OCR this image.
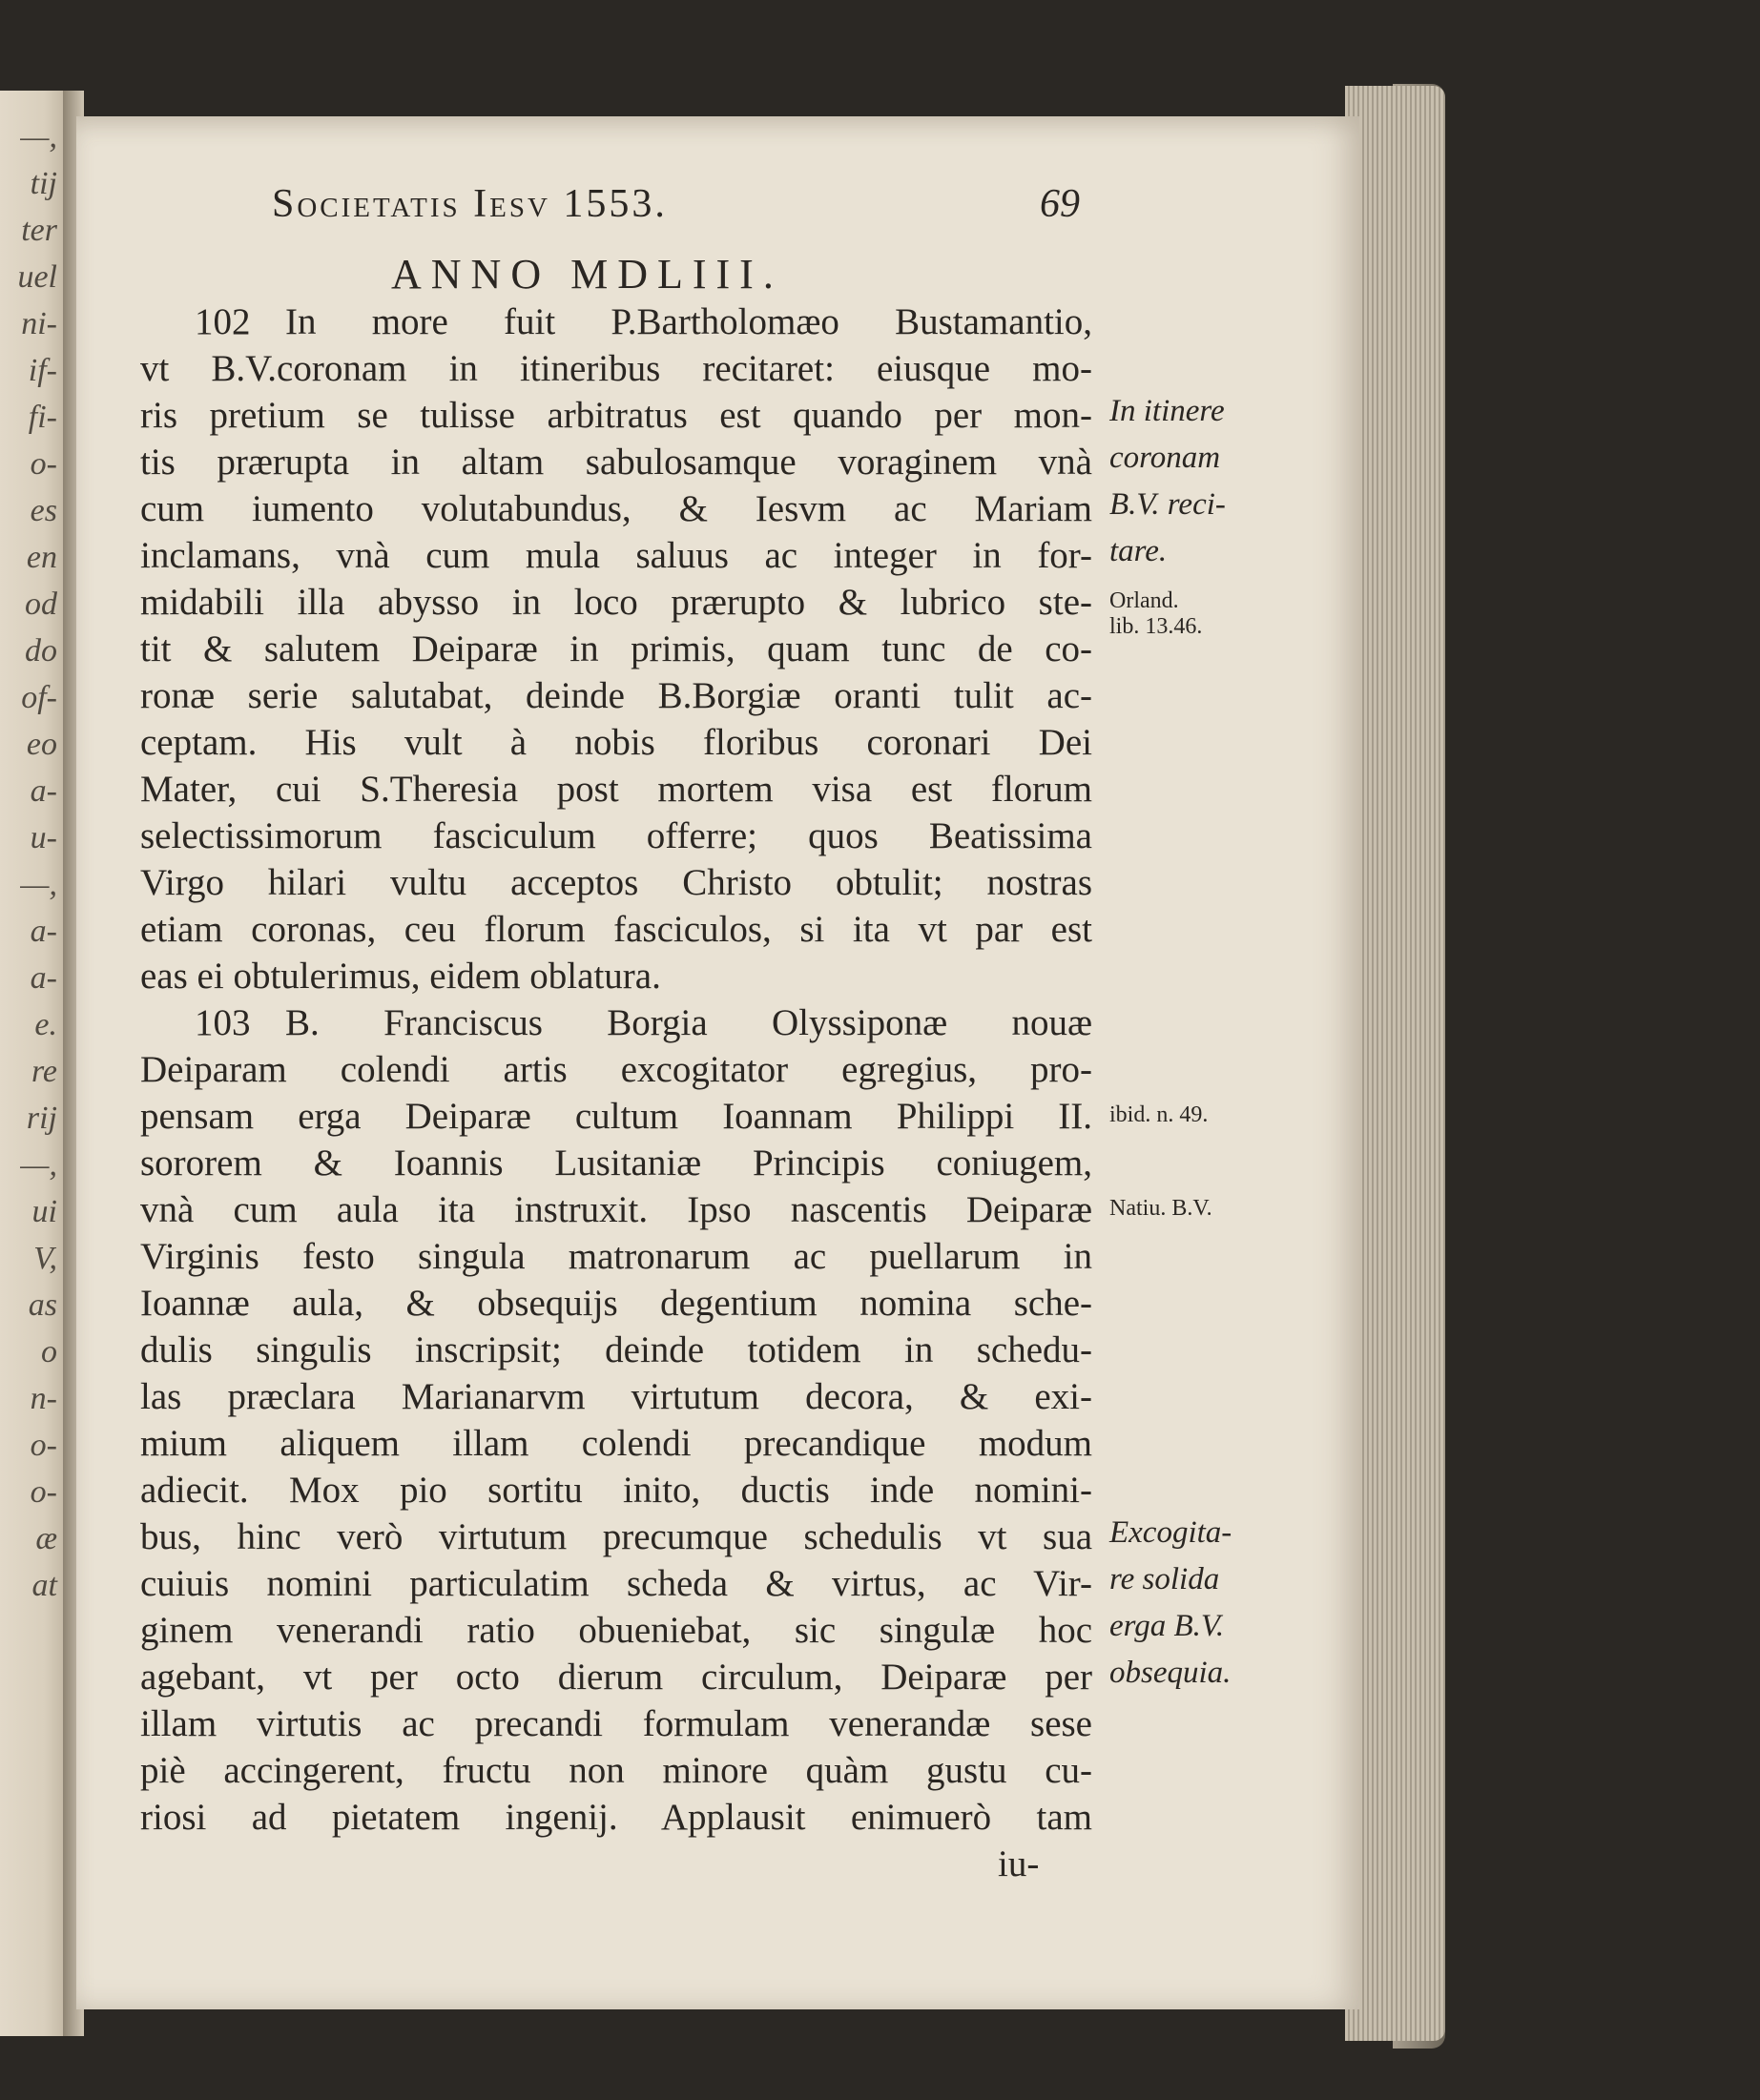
—,
tij
ter
uel
ni-
if-
fi-
o-
es
en
od
do
of-
eo
a-
u-
—,
a-
a-
e.
re
rij
—,
ui
V,
as
o
n-
o-
o-
æ
at
Societatis Iesv 1553.	69
ANNO MDLIII.
102 In more fuit P.Bartholomæo Bustamantio,
vt B.V.coronam in itineribus recitaret: eiusque mo-
ris pretium se tulisse arbitratus est quando per mon-
tis prærupta in altam sabulosamque voraginem vnà
cum iumento volutabundus, & Iesvm ac Mariam
inclamans, vnà cum mula saluus ac integer in for-
midabili illa abysso in loco prærupto & lubrico ste-
tit & salutem Deiparæ in primis, quam tunc de co-
ronæ serie salutabat, deinde B.Borgiæ oranti tulit ac-
ceptam. His vult à nobis floribus coronari Dei
Mater, cui S.Theresia post mortem visa est florum
selectissimorum fasciculum offerre; quos Beatissima
Virgo hilari vultu acceptos Christo obtulit; nostras
etiam coronas, ceu florum fasciculos, si ita vt par est
eas ei obtulerimus, eidem oblatura.
103 B. Franciscus Borgia Olyssiponæ nouæ
Deiparam colendi artis excogitator egregius, pro-
pensam erga Deiparæ cultum Ioannam Philippi II.
sororem & Ioannis Lusitaniæ Principis coniugem,
vnà cum aula ita instruxit. Ipso nascentis Deiparæ
Virginis festo singula matronarum ac puellarum in
Ioannæ aula, & obsequijs degentium nomina sche-
dulis singulis inscripsit; deinde totidem in schedu-
las præclara Marianarvm virtutum decora, & exi-
mium aliquem illam colendi precandique modum
adiecit. Mox pio sortitu inito, ductis inde nomini-
bus, hinc verò virtutum precumque schedulis vt sua
cuiuis nomini particulatim scheda & virtus, ac Vir-
ginem venerandi ratio obueniebat, sic singulæ hoc
agebant, vt per octo dierum circulum, Deiparæ per
illam virtutis ac precandi formulam venerandæ sese
piè accingerent, fructu non minore quàm gustu cu-
riosi ad pietatem ingenij. Applausit enimuerò tam
In itinere
coronam
B.V. reci-
tare.
Orland.
lib. 13.46.
ibid. n. 49.
Natiu. B.V.
Excogita-
re solida
erga B.V.
obsequia.
iu-
